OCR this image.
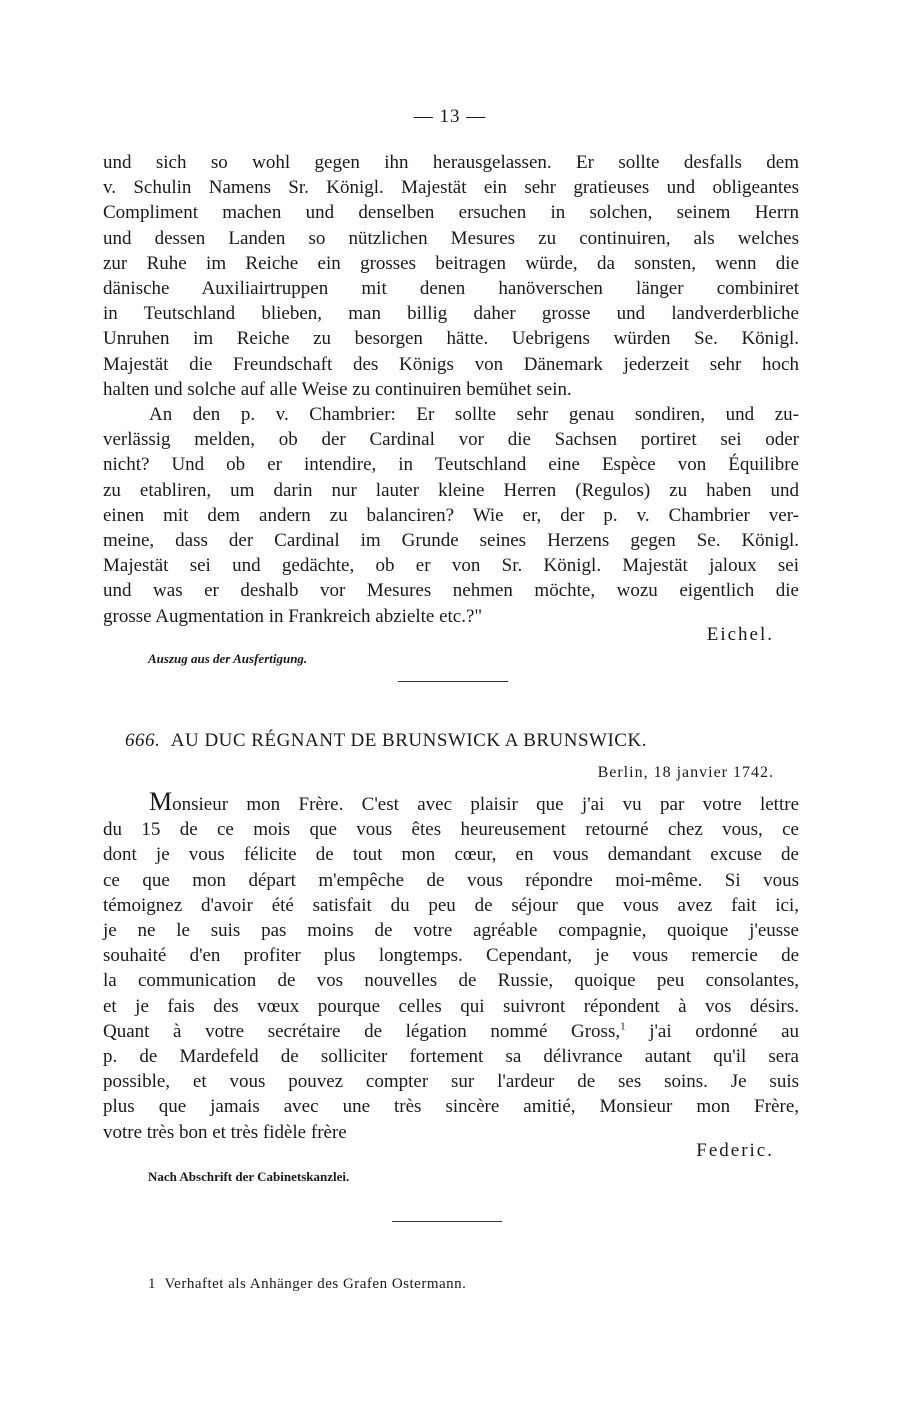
— 13 —
und sich so wohl gegen ihn herausgelassen. Er sollte desfalls dem
v. Schulin Namens Sr. Königl. Majestät ein sehr gratieuses und obligeantes
Compliment machen und denselben ersuchen in solchen, seinem Herrn
und dessen Landen so nützlichen Mesures zu continuiren, als welches
zur Ruhe im Reiche ein grosses beitragen würde, da sonsten, wenn die
dänische Auxiliairtruppen mit denen hanöverschen länger combiniret
in Teutschland blieben, man billig daher grosse und landverderbliche
Unruhen im Reiche zu besorgen hätte. Uebrigens würden Se. Königl.
Majestät die Freundschaft des Königs von Dänemark jederzeit sehr hoch
halten und solche auf alle Weise zu continuiren bemühet sein.
An den p. v. Chambrier: Er sollte sehr genau sondiren, und zu-
verlässig melden, ob der Cardinal vor die Sachsen portiret sei oder
nicht? Und ob er intendire, in Teutschland eine Espèce von Équilibre
zu etabliren, um darin nur lauter kleine Herren (Regulos) zu haben und
einen mit dem andern zu balanciren? Wie er, der p. v. Chambrier ver-
meine, dass der Cardinal im Grunde seines Herzens gegen Se. Königl.
Majestät sei und gedächte, ob er von Sr. Königl. Majestät jaloux sei
und was er deshalb vor Mesures nehmen möchte, wozu eigentlich die
grosse Augmentation in Frankreich abzielte etc.?"
Eichel.
Auszug aus der Ausfertigung.
666. AU DUC RÉGNANT DE BRUNSWICK A BRUNSWICK.
Berlin, 18 janvier 1742.
Monsieur mon Frère. C'est avec plaisir que j'ai vu par votre lettre
du 15 de ce mois que vous êtes heureusement retourné chez vous, ce
dont je vous félicite de tout mon cœur, en vous demandant excuse de
ce que mon départ m'empêche de vous répondre moi-même. Si vous
témoignez d'avoir été satisfait du peu de séjour que vous avez fait ici,
je ne le suis pas moins de votre agréable compagnie, quoique j'eusse
souhaité d'en profiter plus longtemps. Cependant, je vous remercie de
la communication de vos nouvelles de Russie, quoique peu consolantes,
et je fais des vœux pourque celles qui suivront répondent à vos désirs.
Quant à votre secrétaire de légation nommé Gross,$^1$ j'ai ordonné au
p. de Mardefeld de solliciter fortement sa délivrance autant qu'il sera
possible, et vous pouvez compter sur l'ardeur de ses soins. Je suis
plus que jamais avec une très sincère amitié, Monsieur mon Frère,
votre très bon et très fidèle frère
Federic.
Nach Abschrift der Cabinetskanzlei.
1 Verhaftet als Anhänger des Grafen Ostermann.
